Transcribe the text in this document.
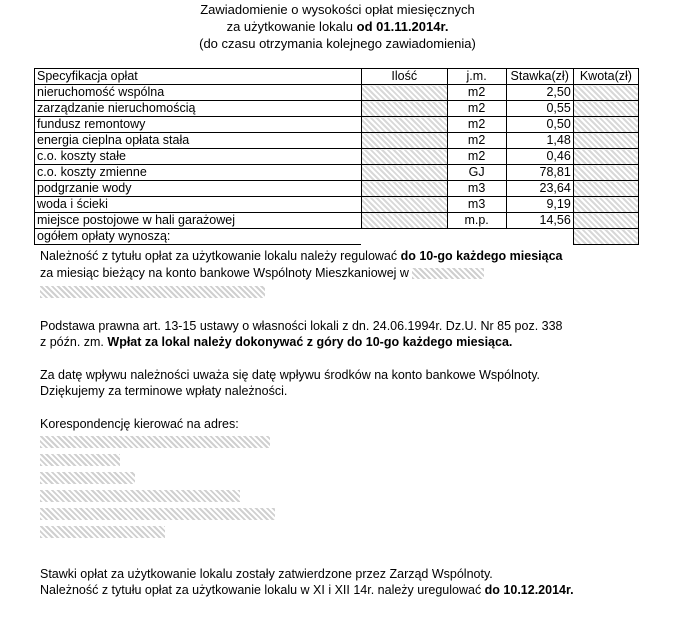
Zawiadomienie o wysokości opłat miesięcznych
za użytkowanie lokalu od 01.11.2014r.
(do czasu otrzymania kolejnego zawiadomienia)
Specyfikacja opłat	Ilość	j.m.	Stawka(zł)	Kwota(zł)
nieruchomość wspólna		m2	2,50	
zarządzanie nieruchomością		m2	0,55	
fundusz remontowy		m2	0,50	
energia cieplna opłata stała		m2	1,48	
c.o. koszty stałe		m2	0,46	
c.o. koszty zmienne		GJ	78,81	
podgrzanie wody		m3	23,64	
woda i ścieki		m3	9,19	
miejsce postojowe w hali garażowej		m.p.	14,56	
ogółem opłaty wynoszą:				
Należność z tytułu opłat za użytkowanie lokalu należy regulować do 10-go każdego miesiąca
za miesiąc bieżący na konto bankowe Wspólnoty Mieszkaniowej w
Podstawa prawna art. 13-15 ustawy o własności lokali z dn. 24.06.1994r. Dz.U. Nr 85 poz. 338
z późn. zm. Wpłat za lokal należy dokonywać z góry do 10-go każdego miesiąca.
Za datę wpływu należności uważa się datę wpływu środków na konto bankowe Wspólnoty.
Dziękujemy za terminowe wpłaty należności.
Korespondencję kierować na adres:
Stawki opłat za użytkowanie lokalu zostały zatwierdzone przez Zarząd Wspólnoty.
Należność z tytułu opłat za użytkowanie lokalu w XI i XII 14r. należy uregulować do 10.12.2014r.
